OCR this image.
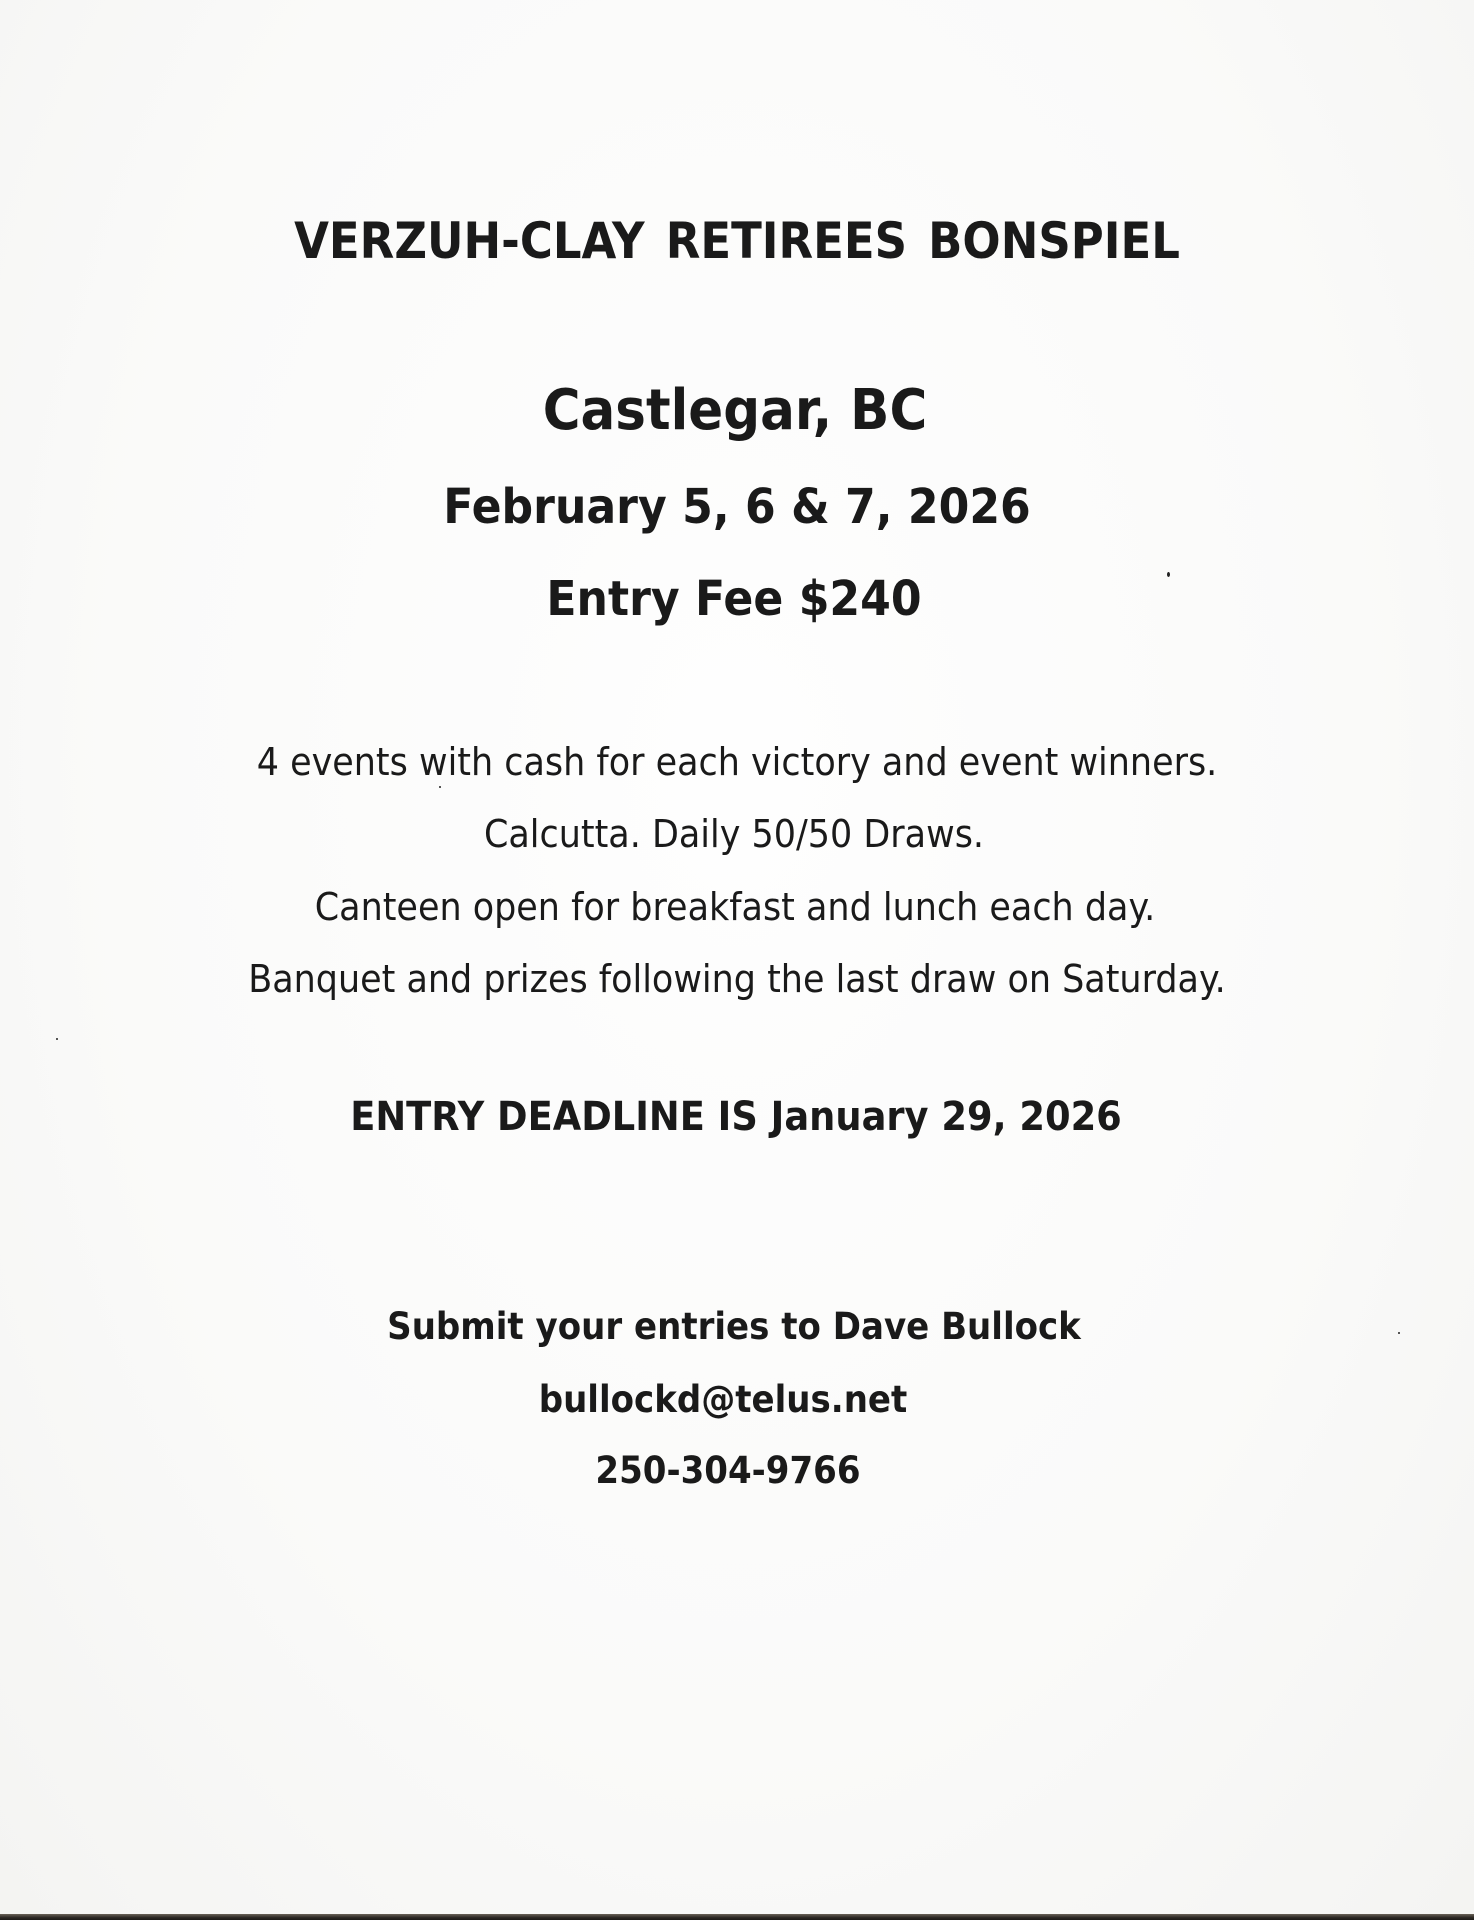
VERZUH-CLAY RETIREES BONSPIEL
Castlegar, BC
February 5, 6 & 7, 2026
Entry Fee $240
4 events with cash for each victory and event winners.
Calcutta. Daily 50/50 Draws.
Canteen open for breakfast and lunch each day.
Banquet and prizes following the last draw on Saturday.
ENTRY DEADLINE IS January 29, 2026
Submit your entries to Dave Bullock
bullockd@telus.net
250-304-9766
